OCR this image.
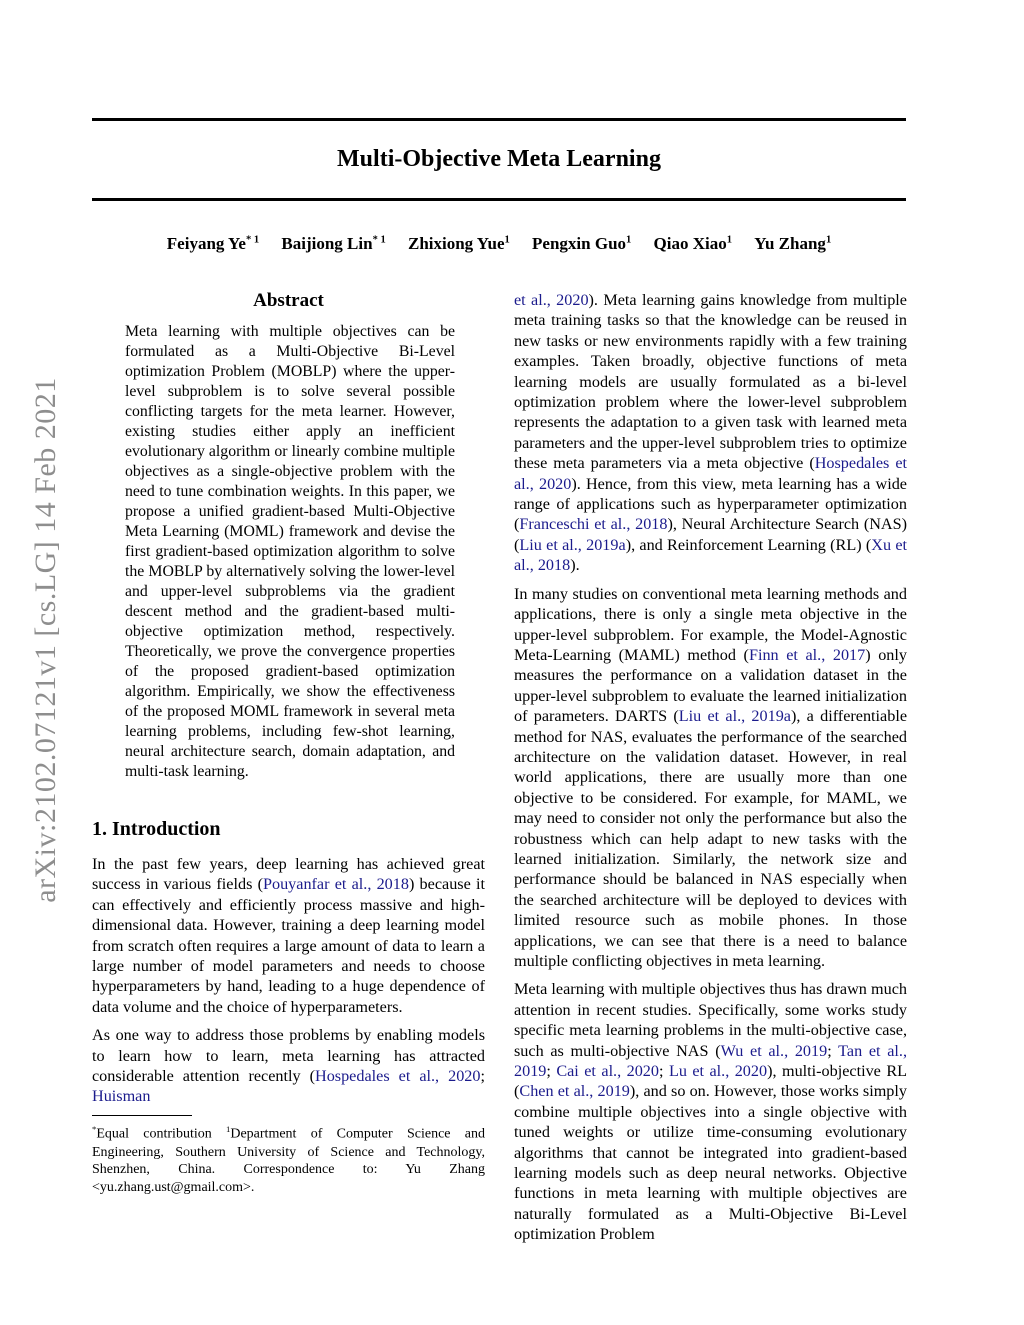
arXiv:2102.07121v1 [cs.LG] 14 Feb 2021
Multi-Objective Meta Learning
Feiyang Ye$^{* 1}$ Baijiong Lin$^{* 1}$ Zhixiong Yue$^1$ Pengxin Guo$^1$ Qiao Xiao$^1$ Yu Zhang$^1$
Abstract

Meta learning with multiple objectives can be formulated as a Multi-Objective Bi-Level optimization Problem (MOBLP) where the upper-level subproblem is to solve several possible conflicting targets for the meta learner. However, existing studies either apply an inefficient evolutionary algorithm or linearly combine multiple objectives as a single-objective problem with the need to tune combination weights. In this paper, we propose a unified gradient-based Multi-Objective Meta Learning (MOML) framework and devise the first gradient-based optimization algorithm to solve the MOBLP by alternatively solving the lower-level and upper-level subproblems via the gradient descent method and the gradient-based multi-objective optimization method, respectively. Theoretically, we prove the convergence properties of the proposed gradient-based optimization algorithm. Empirically, we show the effectiveness of the proposed MOML framework in several meta learning problems, including few-shot learning, neural architecture search, domain adaptation, and multi-task learning.

1. Introduction

In the past few years, deep learning has achieved great success in various fields (Pouyanfar et al., 2018) because it can effectively and efficiently process massive and high-dimensional data. However, training a deep learning model from scratch often requires a large amount of data to learn a large number of model parameters and needs to choose hyperparameters by hand, leading to a huge dependence of data volume and the choice of hyperparameters.

As one way to address those problems by enabling models to learn how to learn, meta learning has attracted considerable attention recently (Hospedales et al., 2020; Huisman

*Equal contribution $^1$Department of Computer Science and Engineering, Southern University of Science and Technology, Shenzhen, China. Correspondence to: Yu Zhang <yu.zhang.ust@gmail.com>.

et al., 2020). Meta learning gains knowledge from multiple meta training tasks so that the knowledge can be reused in new tasks or new environments rapidly with a few training examples. Taken broadly, objective functions of meta learning models are usually formulated as a bi-level optimization problem where the lower-level subproblem represents the adaptation to a given task with learned meta parameters and the upper-level subproblem tries to optimize these meta parameters via a meta objective (Hospedales et al., 2020). Hence, from this view, meta learning has a wide range of applications such as hyperparameter optimization (Franceschi et al., 2018), Neural Architecture Search (NAS) (Liu et al., 2019a), and Reinforcement Learning (RL) (Xu et al., 2018).

In many studies on conventional meta learning methods and applications, there is only a single meta objective in the upper-level subproblem. For example, the Model-Agnostic Meta-Learning (MAML) method (Finn et al., 2017) only measures the performance on a validation dataset in the upper-level subproblem to evaluate the learned initialization of parameters. DARTS (Liu et al., 2019a), a differentiable method for NAS, evaluates the performance of the searched architecture on the validation dataset. However, in real world applications, there are usually more than one objective to be considered. For example, for MAML, we may need to consider not only the performance but also the robustness which can help adapt to new tasks with the learned initialization. Similarly, the network size and performance should be balanced in NAS especially when the searched architecture will be deployed to devices with limited resource such as mobile phones. In those applications, we can see that there is a need to balance multiple conflicting objectives in meta learning.

Meta learning with multiple objectives thus has drawn much attention in recent studies. Specifically, some works study specific meta learning problems in the multi-objective case, such as multi-objective NAS (Wu et al., 2019; Tan et al., 2019; Cai et al., 2020; Lu et al., 2020), multi-objective RL (Chen et al., 2019), and so on. However, those works simply combine multiple objectives into a single objective with tuned weights or utilize time-consuming evolutionary algorithms that cannot be integrated into gradient-based learning models such as deep neural networks. Objective functions in meta learning with multiple objectives are naturally formulated as a Multi-Objective Bi-Level optimization Problem
